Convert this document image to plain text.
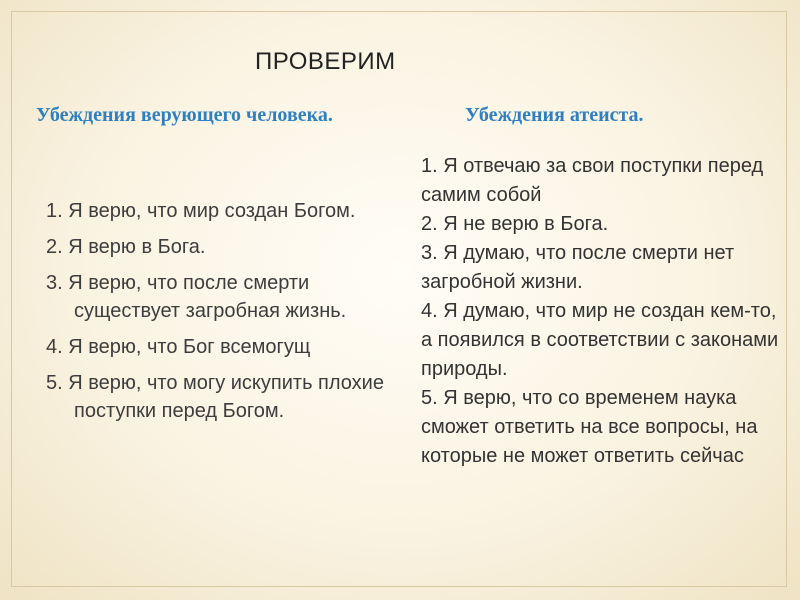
ПРОВЕРИМ
Убеждения верующего человека.	Убеждения атеиста.
1. Я верю, что мир создан Богом.
2. Я верю в Бога.
3. Я верю, что после смерти существует загробная жизнь.
4. Я верю, что Бог всемогущ
5. Я верю, что могу искупить плохие поступки перед Богом.
1. Я отвечаю за свои поступки перед самим собой
2. Я не верю в Бога.
3. Я думаю, что после смерти нет загробной жизни.
4. Я думаю, что мир не создан кем-то, а появился в соответствии с законами природы.
5. Я верю, что со временем наука сможет ответить на все вопросы, на которые не может ответить сейчас
